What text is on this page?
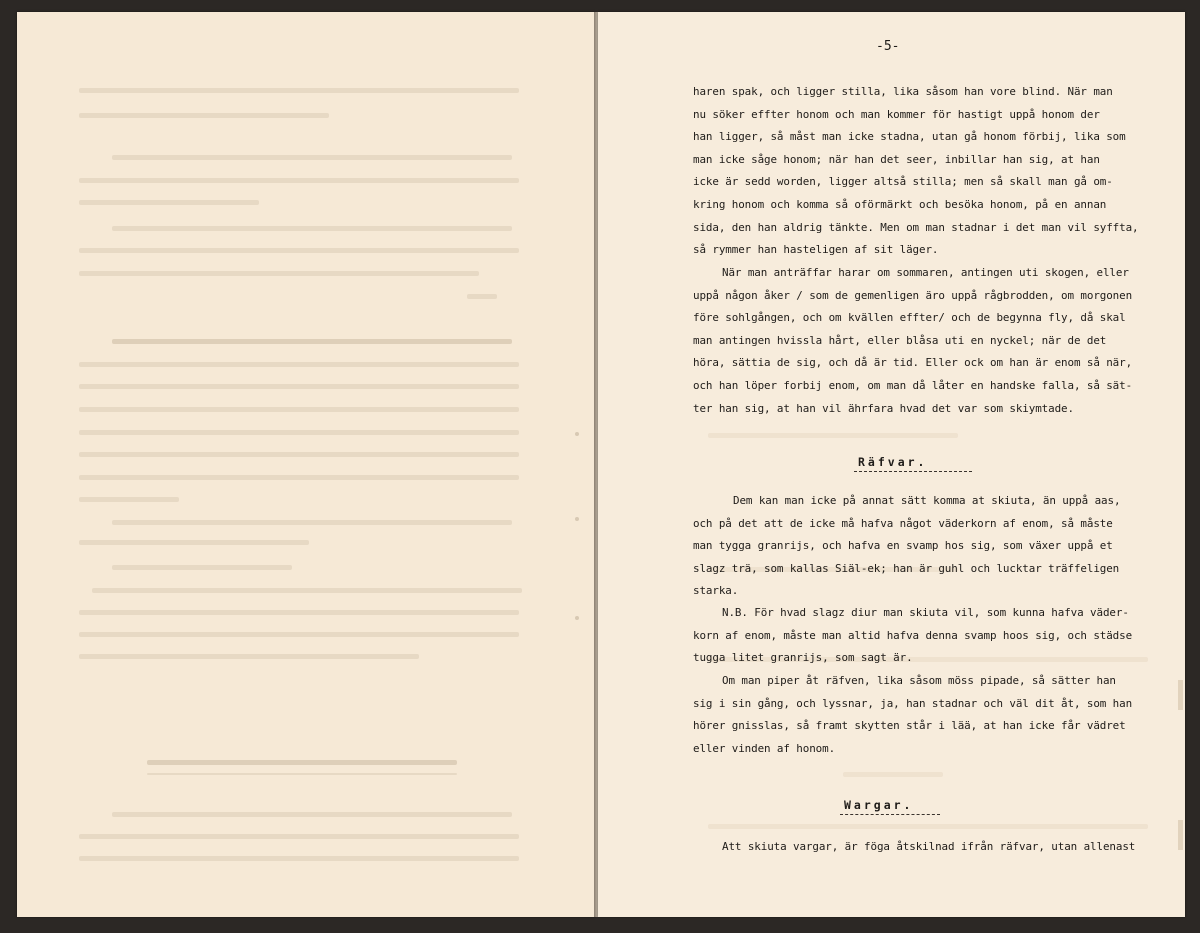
-5-
haren spak, och ligger stilla, lika såsom han vore blind. När man
nu söker effter honom och man kommer för hastigt uppå honom der
han ligger, så måst man icke stadna, utan gå honom förbij, lika som
man icke såge honom; när han det seer, inbillar han sig, at han
icke är sedd worden, ligger altså stilla; men så skall man gå om-
kring honom och komma så oförmärkt och besöka honom, på en annan
sida, den han aldrig tänkte. Men om man stadnar i det man vil syffta,
så rymmer han hasteligen af sit läger.
När man anträffar harar om sommaren, antingen uti skogen, eller
uppå någon åker / som de gemenligen äro uppå rågbrodden, om morgonen
före sohlgången, och om kvällen effter/ och de begynna fly, då skal
man antingen hvissla hårt, eller blåsa uti en nyckel; när de det
höra, sättia de sig, och då är tid. Eller ock om han är enom så när,
och han löper forbij enom, om man då låter en handske falla, så sät-
ter han sig, at han vil ährfara hvad det var som skiymtade.
Räfvar.
Dem kan man icke på annat sätt komma at skiuta, än uppå aas,
och på det att de icke må hafva något väderkorn af enom, så måste
man tygga granrijs, och hafva en svamp hos sig, som växer uppå et
slagz trä, som kallas Siäl-ek; han är guhl och lucktar träffeligen
starka.
N.B. För hvad slagz diur man skiuta vil, som kunna hafva väder-
korn af enom, måste man altid hafva denna svamp hoos sig, och städse
tugga litet granrijs, som sagt är.
Om man piper åt räfven, lika såsom möss pipade, så sätter han
sig i sin gång, och lyssnar, ja, han stadnar och väl dit åt, som han
hörer gnisslas, så framt skytten står i lää, at han icke får vädret
eller vinden af honom.
Wargar.
Att skiuta vargar, är föga åtskilnad ifrån räfvar, utan allenast
